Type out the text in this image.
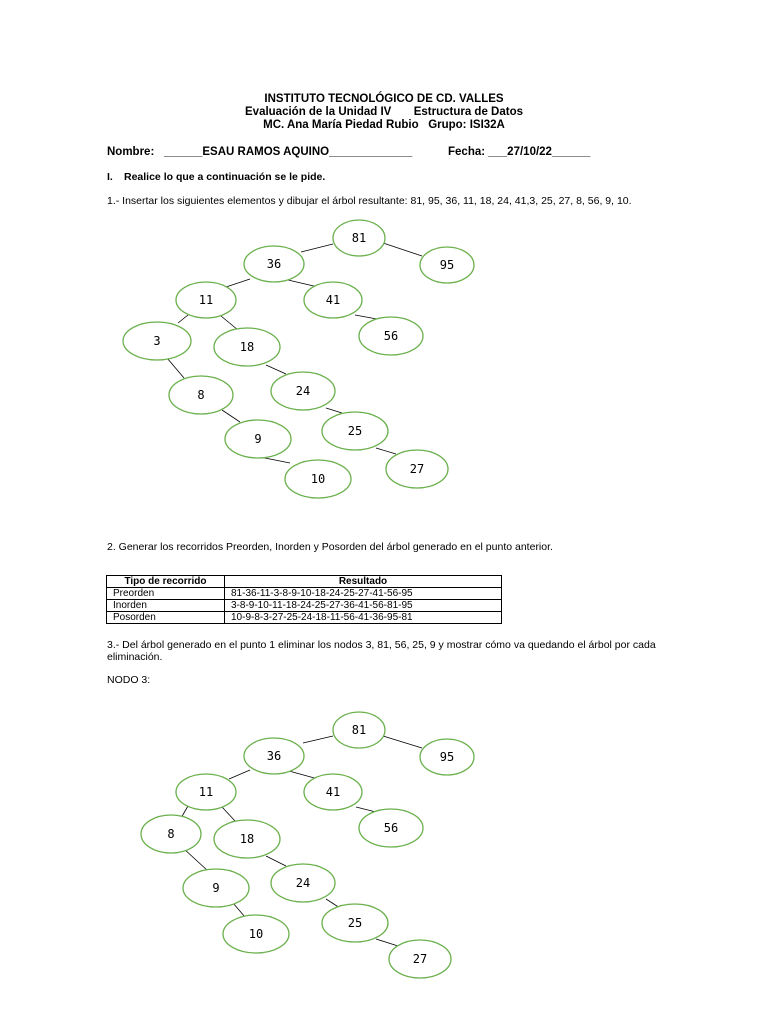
INSTITUTO TECNOLÓGICO DE CD. VALLES
Evaluación de la Unidad IV       Estructura de Datos
MC. Ana María Piedad Rubio   Grupo: ISI32A
Nombre: ______ESAU RAMOS AQUINO_____________	Fecha: ___27/10/22______
I. Realice lo que a continuación se le pide.
1.- Insertar los siguientes elementos y dibujar el árbol resultante: 81, 95, 36, 11, 18, 24, 41,3, 25, 27, 8, 56, 9, 10.
81
95
36
11	41
56
3	18
8	24
9
25
10
27
2. Generar los recorridos Preorden, Inorden y Posorden del árbol generado en el punto anterior.
Tipo de recorrido	Resultado
Preorden	81-36-11-3-8-9-10-18-24-25-27-41-56-95
Inorden	3-8-9-10-11-18-24-25-27-36-41-56-81-95
Posorden	10-9-8-3-27-25-24-18-11-56-41-36-95-81
3.- Del árbol generado en el punto 1 eliminar los nodos 3, 81, 56, 25, 9 y mostrar cómo va quedando el árbol por cada eliminación.
NODO 3:
81
95
36
11	41
56
8	18
24
9
25
10
27
